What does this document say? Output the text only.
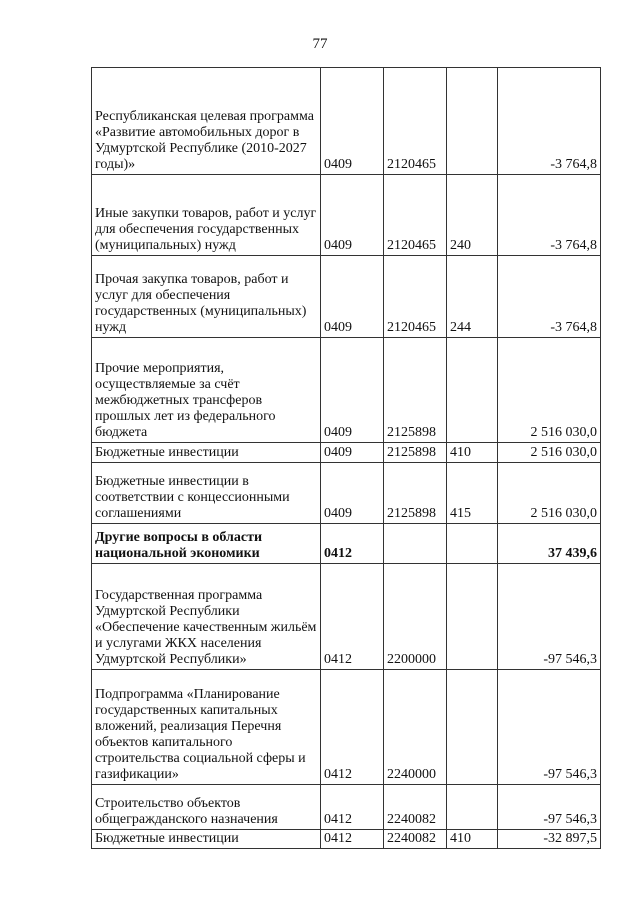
77
Республиканская целевая программа «Развитие автомобильных дорог в Удмуртской Республике (2010-2027 годы)»	0409	2120465		-3 764,8
Иные закупки товаров, работ и услуг для обеспечения государственных (муниципальных) нужд	0409	2120465	240	-3 764,8
Прочая закупка товаров, работ и услуг для обеспечения государственных (муниципальных) нужд	0409	2120465	244	-3 764,8
Прочие мероприятия, осуществляемые за счёт межбюджетных трансферов прошлых лет из федерального бюджета	0409	2125898		2 516 030,0
Бюджетные инвестиции	0409	2125898	410	2 516 030,0
Бюджетные инвестиции в соответствии с концессионными соглашениями	0409	2125898	415	2 516 030,0
Другие вопросы в области национальной экономики	0412			37 439,6
Государственная программа Удмуртской Республики «Обеспечение качественным жильём и услугами ЖКХ населения Удмуртской Республики»	0412	2200000		-97 546,3
Подпрограмма «Планирование государственных капитальных вложений, реализация Перечня объектов капитального строительства социальной сферы и газификации»	0412	2240000		-97 546,3
Строительство объектов общегражданского назначения	0412	2240082		-97 546,3
Бюджетные инвестиции	0412	2240082	410	-32 897,5
